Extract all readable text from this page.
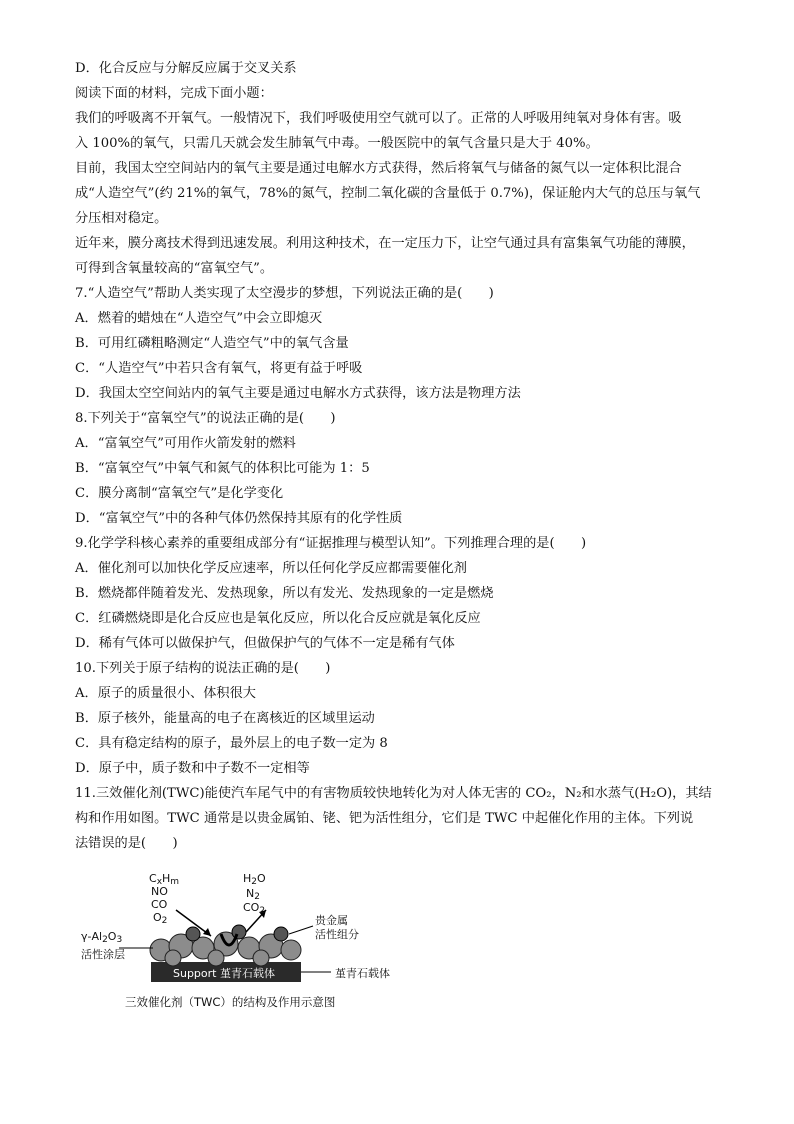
D．化合反应与分解反应属于交叉关系
阅读下面的材料，完成下面小题：
我们的呼吸离不开氧气。一般情况下，我们呼吸使用空气就可以了。正常的人呼吸用纯氧对身体有害。吸
入 100%的氧气，只需几天就会发生肺氧气中毒。一般医院中的氧气含量只是大于 40%。
目前，我国太空空间站内的氧气主要是通过电解水方式获得，然后将氧气与储备的氮气以一定体积比混合
成“人造空气”(约 21%的氧气，78%的氮气，控制二氧化碳的含量低于 0.7%)，保证舱内大气的总压与氧气
分压相对稳定。
近年来，膜分离技术得到迅速发展。利用这种技术，在一定压力下，让空气通过具有富集氧气功能的薄膜，
可得到含氧量较高的“富氧空气”。
7.“人造空气”帮助人类实现了太空漫步的梦想，下列说法正确的是(　　)
A．燃着的蜡烛在“人造空气”中会立即熄灭
B．可用红磷粗略测定“人造空气”中的氧气含量
C．“人造空气”中若只含有氧气，将更有益于呼吸
D．我国太空空间站内的氧气主要是通过电解水方式获得，该方法是物理方法
8.下列关于“富氧空气”的说法正确的是(　　)
A．“富氧空气”可用作火箭发射的燃料
B．“富氧空气”中氧气和氮气的体积比可能为 1：5
C．膜分离制“富氧空气”是化学变化
D．“富氧空气”中的各种气体仍然保持其原有的化学性质
9.化学学科核心素养的重要组成部分有“证据推理与模型认知”。下列推理合理的是(　　)
A．催化剂可以加快化学反应速率，所以任何化学反应都需要催化剂
B．燃烧都伴随着发光、发热现象，所以有发光、发热现象的一定是燃烧
C．红磷燃烧即是化合反应也是氧化反应，所以化合反应就是氧化反应
D．稀有气体可以做保护气，但做保护气的气体不一定是稀有气体
10.下列关于原子结构的说法正确的是(　　)
A．原子的质量很小、体积很大
B．原子核外，能量高的电子在离核近的区域里运动
C．具有稳定结构的原子，最外层上的电子数一定为 8
D．原子中，质子数和中子数不一定相等
11.三效催化剂(TWC)能使汽车尾气中的有害物质较快地转化为对人体无害的 CO₂，N₂和水蒸气(H₂O)，其结
构和作用如图。TWC 通常是以贵金属铂、铑、钯为活性组分，它们是 TWC 中起催化作用的主体。下列说
法错误的是(　　)
$C_xH_m$
NO
CO
$O_2$
$H_2O$
$N_2$
$CO_2$
$\gamma-Al_2O_3$
活性涂层
贵金属
活性组分
Support 堇青石载体	堇青石载体
三效催化剂（TWC）的结构及作用示意图
